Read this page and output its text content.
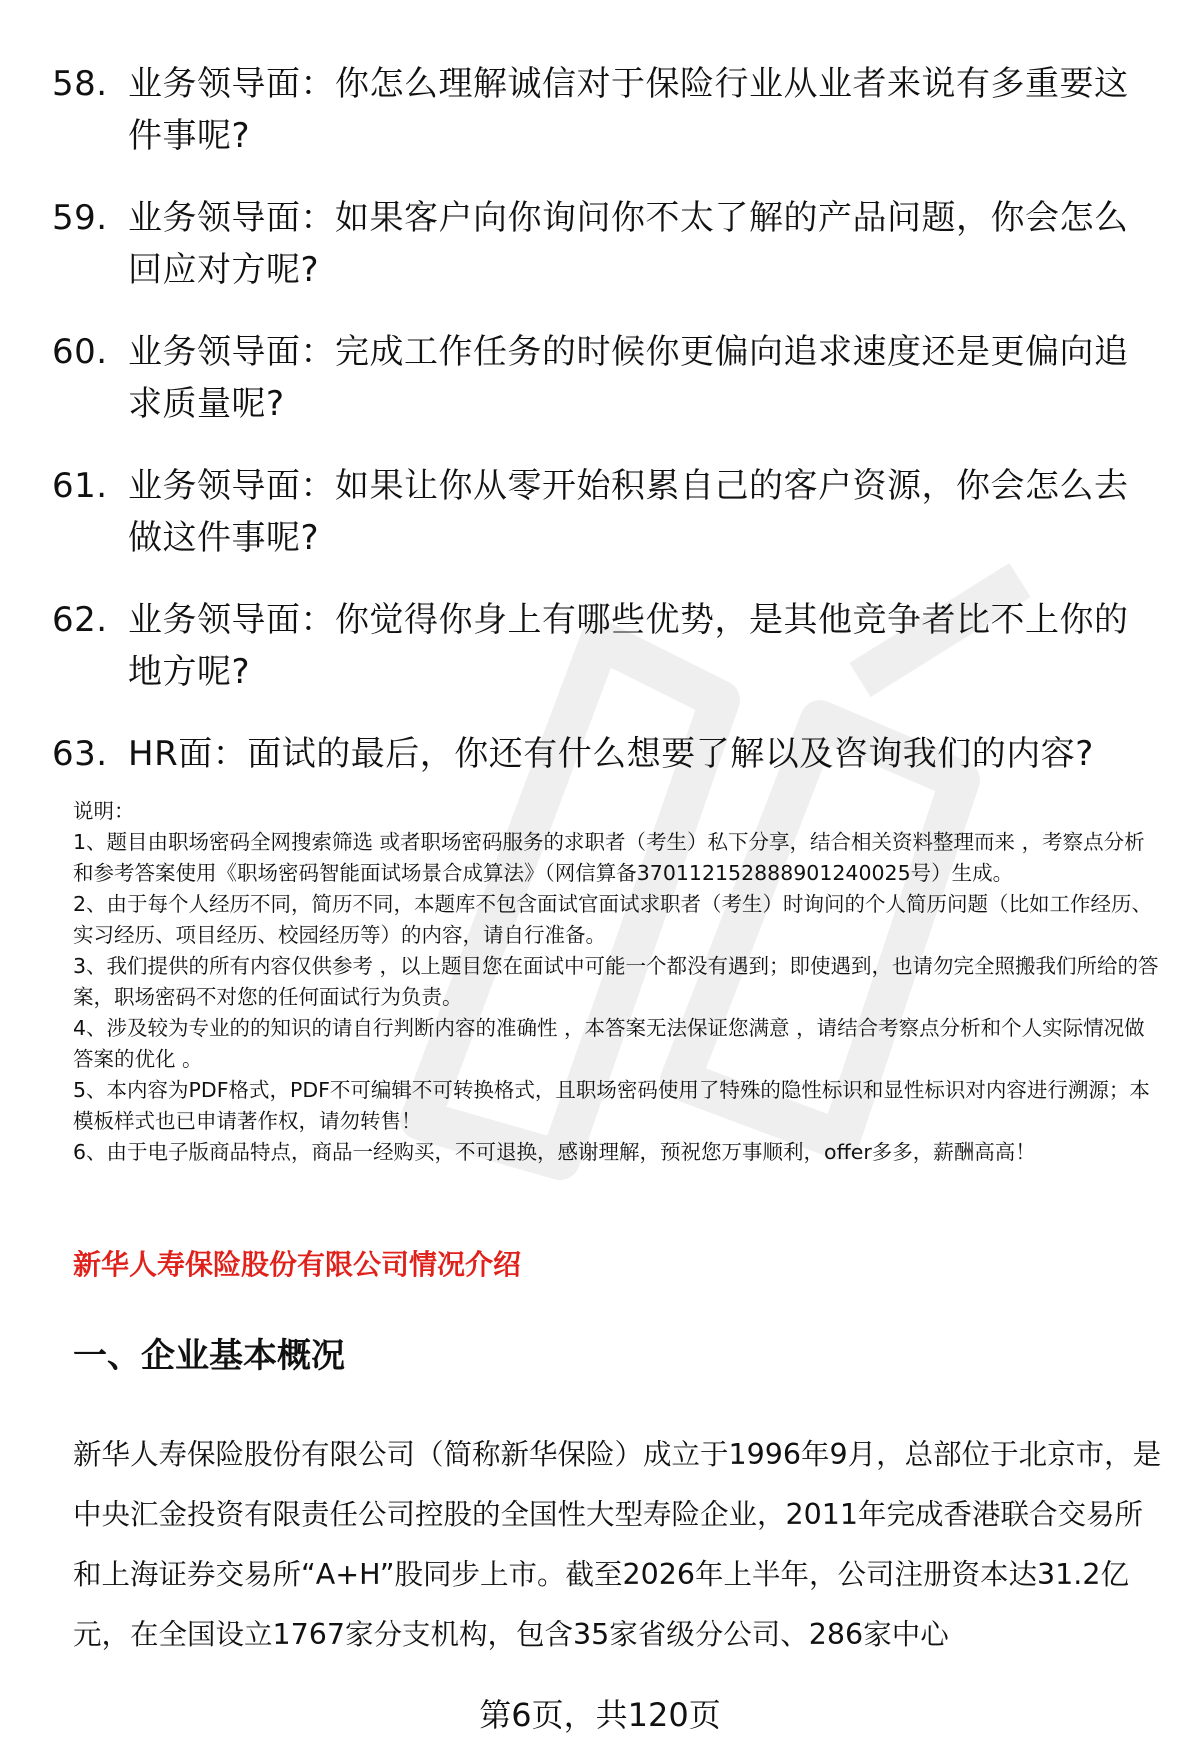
58. 业务领导面：你怎么理解诚信对于保险行业从业者来说有多重要这件事呢?
59. 业务领导面：如果客户向你询问你不太了解的产品问题，你会怎么回应对方呢?
60. 业务领导面：完成工作任务的时候你更偏向追求速度还是更偏向追求质量呢?
61. 业务领导面：如果让你从零开始积累自己的客户资源，你会怎么去做这件事呢?
62. 业务领导面：你觉得你身上有哪些优势，是其他竞争者比不上你的地方呢?
63. HR面：面试的最后，你还有什么想要了解以及咨询我们的内容?

说明：

1、题目由职场密码全网搜索筛选 或者职场密码服务的求职者（考生）私下分享，结合相关资料整理而来 ，考察点分析和参考答案使用《职场密码智能面试场景合成算法》（网信算备370112152888901240025号）生成。

2、由于每个人经历不同，简历不同，本题库不包含面试官面试求职者（考生）时询问的个人简历问题（比如工作经历、实习经历、项目经历、校园经历等）的内容，请自行准备。

3、我们提供的所有内容仅供参考 ，以上题目您在面试中可能一个都没有遇到；即使遇到，也请勿完全照搬我们所给的答案，职场密码不对您的任何面试行为负责。

4、涉及较为专业的的知识的请自行判断内容的准确性 ，本答案无法保证您满意 ，请结合考察点分析和个人实际情况做答案的优化 。

5、本内容为PDF格式，PDF不可编辑不可转换格式，且职场密码使用了特殊的隐性标识和显性标识对内容进行溯源；本模板样式也已申请著作权，请勿转售！

6、由于电子版商品特点，商品一经购买，不可退换，感谢理解，预祝您万事顺利，offer多多，薪酬高高！

新华人寿保险股份有限公司情况介绍
一、企业基本概况

新华人寿保险股份有限公司（简称新华保险）成立于1996年9月，总部位于北京市，是中央汇金投资有限责任公司控股的全国性大型寿险企业，2011年完成香港联合交易所和上海证券交易所“A+H”股同步上市。截至2026年上半年，公司注册资本达31.2亿元，在全国设立1767家分支机构，包含35家省级分公司、286家中心

第6页，共120页
